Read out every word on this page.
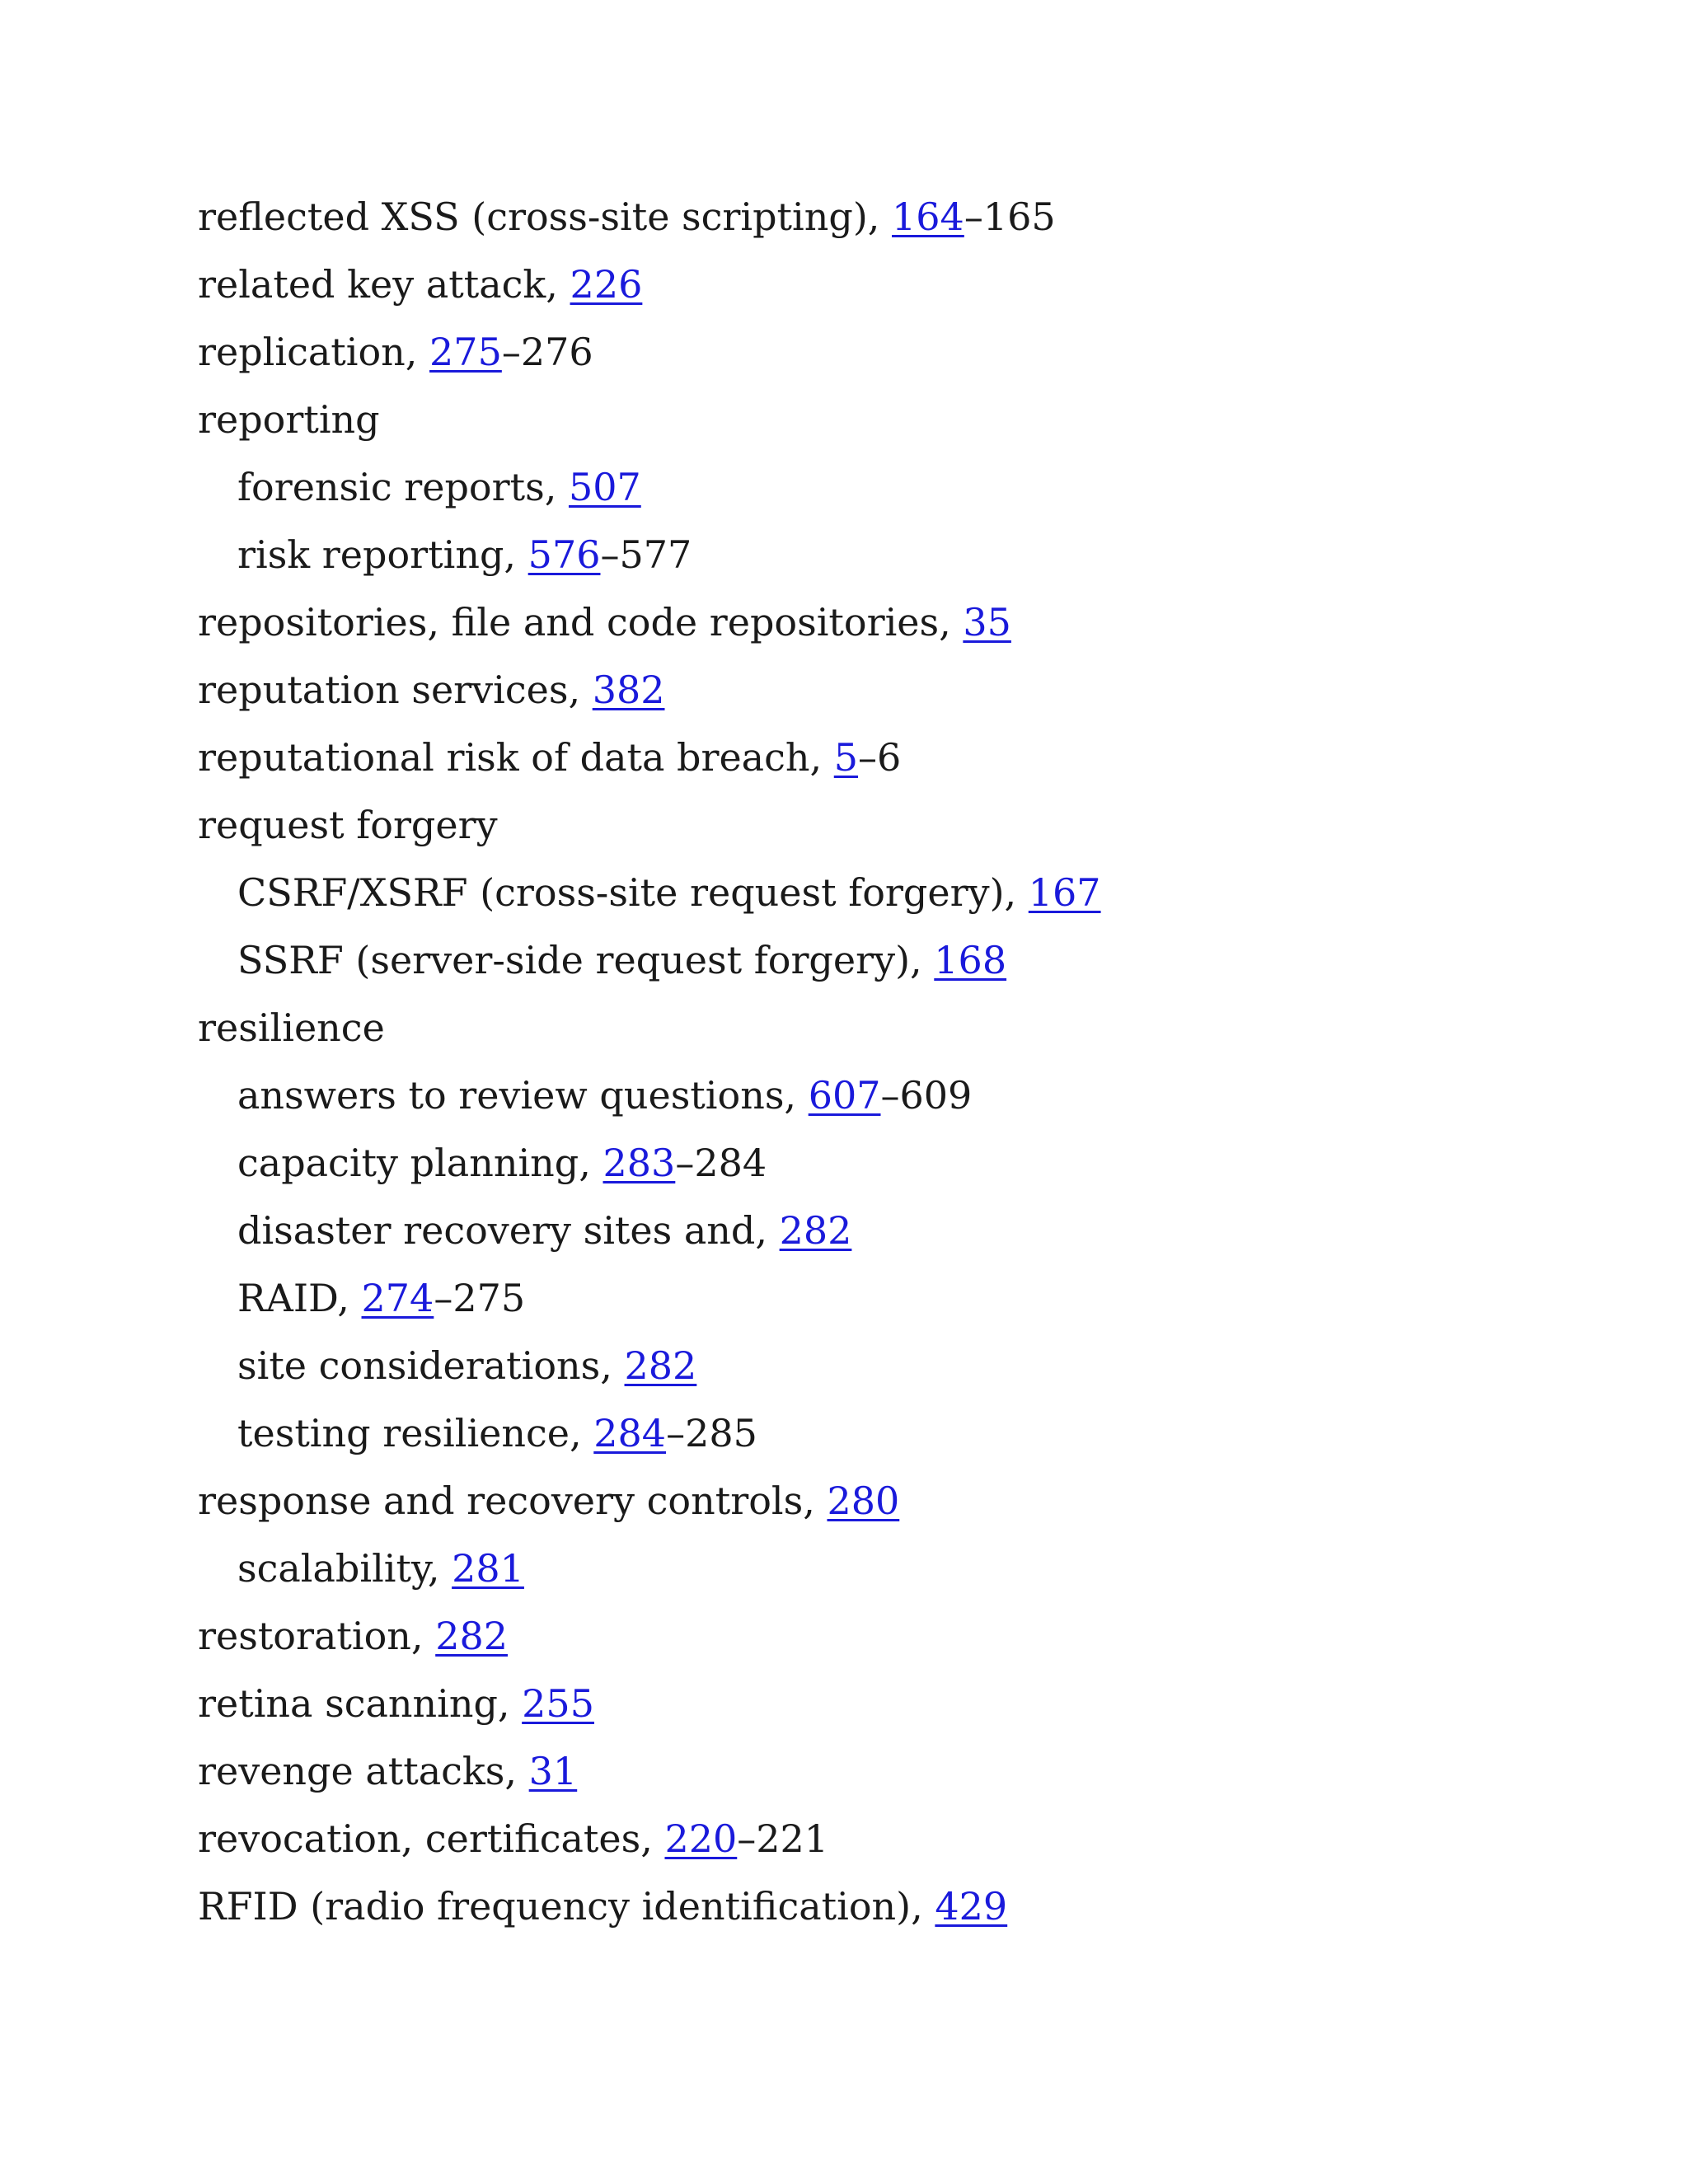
reflected XSS (cross-site scripting), 164–165
related key attack, 226
replication, 275–276
reporting
forensic reports, 507
risk reporting, 576–577
repositories, file and code repositories, 35
reputation services, 382
reputational risk of data breach, 5–6
request forgery
CSRF/XSRF (cross-site request forgery), 167
SSRF (server-side request forgery), 168
resilience
answers to review questions, 607–609
capacity planning, 283–284
disaster recovery sites and, 282
RAID, 274–275
site considerations, 282
testing resilience, 284–285
response and recovery controls, 280
scalability, 281
restoration, 282
retina scanning, 255
revenge attacks, 31
revocation, certificates, 220–221
RFID (radio frequency identification), 429
